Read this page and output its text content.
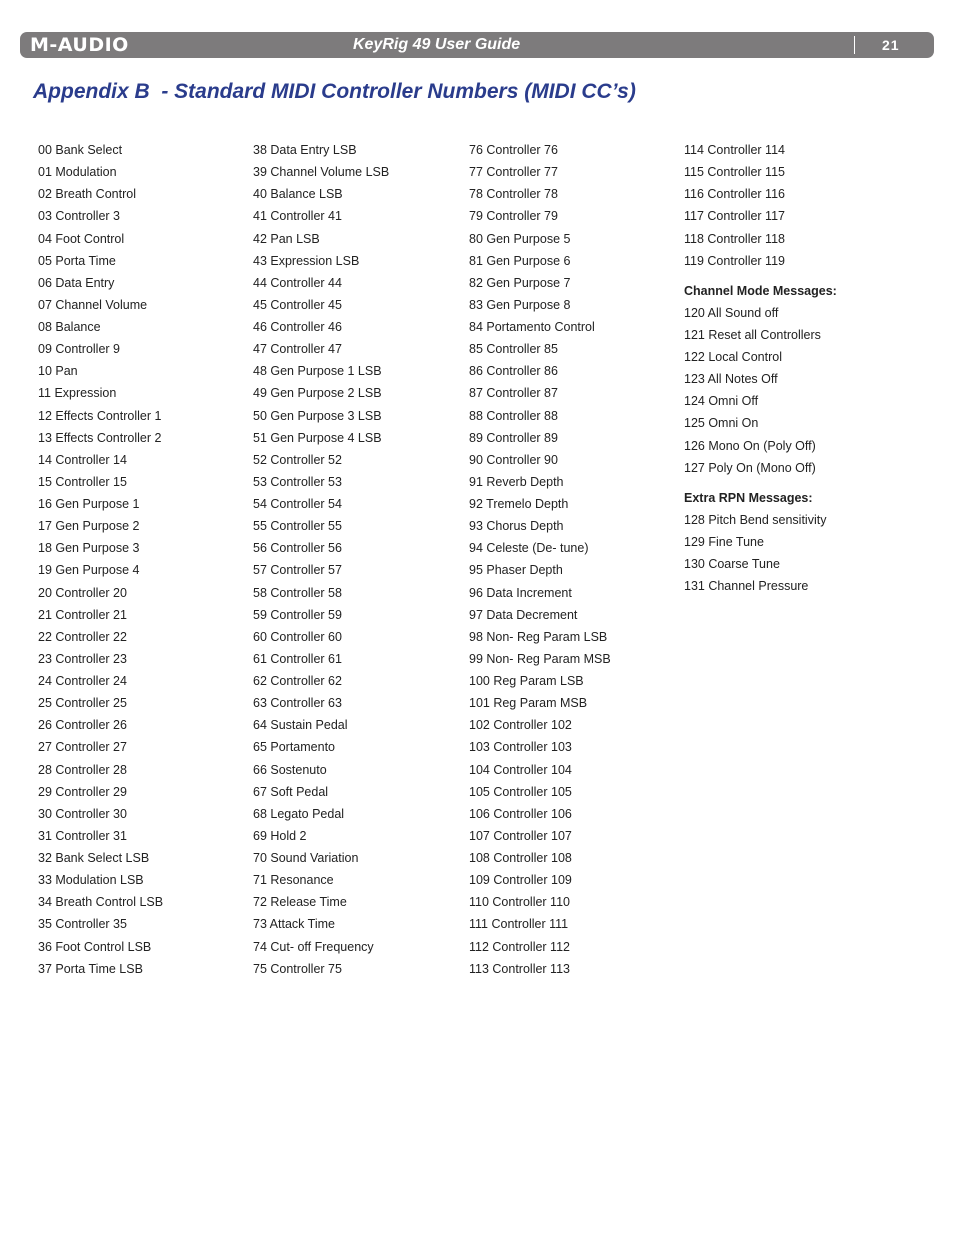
M-AUDIO	KeyRig 49 User Guide	21
Appendix B  - Standard MIDI Controller Numbers (MIDI CC’s)
00 Bank Select
01 Modulation
02 Breath Control
03 Controller 3
04 Foot Control
05 Porta Time
06 Data Entry
07 Channel Volume
08 Balance
09 Controller 9
10 Pan
11 Expression
12 Effects Controller 1
13 Effects Controller 2
14 Controller 14
15 Controller 15
16 Gen Purpose 1
17 Gen Purpose 2
18 Gen Purpose 3
19 Gen Purpose 4
20 Controller 20
21 Controller 21
22 Controller 22
23 Controller 23
24 Controller 24
25 Controller 25
26 Controller 26
27 Controller 27
28 Controller 28
29 Controller 29
30 Controller 30
31 Controller 31
32 Bank Select LSB
33 Modulation LSB
34 Breath Control LSB
35 Controller 35
36 Foot Control LSB
37 Porta Time LSB
38 Data Entry LSB
39 Channel Volume LSB
40 Balance LSB
41 Controller 41
42 Pan LSB
43 Expression LSB
44 Controller 44
45 Controller 45
46 Controller 46
47 Controller 47
48 Gen Purpose 1 LSB
49 Gen Purpose 2 LSB
50 Gen Purpose 3 LSB
51 Gen Purpose 4 LSB
52 Controller 52
53 Controller 53
54 Controller 54
55 Controller 55
56 Controller 56
57 Controller 57
58 Controller 58
59 Controller 59
60 Controller 60
61 Controller 61
62 Controller 62
63 Controller 63
64 Sustain Pedal
65 Portamento
66 Sostenuto
67 Soft Pedal
68 Legato Pedal
69 Hold 2
70 Sound Variation
71 Resonance
72 Release Time
73 Attack Time
74 Cut- off Frequency
75 Controller 75
76 Controller 76
77 Controller 77
78 Controller 78
79 Controller 79
80 Gen Purpose 5
81 Gen Purpose 6
82 Gen Purpose 7
83 Gen Purpose 8
84 Portamento Control
85 Controller 85
86 Controller 86
87 Controller 87
88 Controller 88
89 Controller 89
90 Controller 90
91 Reverb Depth
92 Tremelo Depth
93 Chorus Depth
94 Celeste (De- tune)
95 Phaser Depth
96 Data Increment
97 Data Decrement
98 Non- Reg Param LSB
99 Non- Reg Param MSB
100 Reg Param LSB
101 Reg Param MSB
102 Controller 102
103 Controller 103
104 Controller 104
105 Controller 105
106 Controller 106
107 Controller 107
108 Controller 108
109 Controller 109
110 Controller 110
111 Controller 111
112 Controller 112
113 Controller 113
114 Controller 114
115 Controller 115
116 Controller 116
117 Controller 117
118 Controller 118
119 Controller 119
Channel Mode Messages:
120 All Sound off
121 Reset all Controllers
122 Local Control
123 All Notes Off
124 Omni Off
125 Omni On
126 Mono On (Poly Off)
127 Poly On (Mono Off)
Extra RPN Messages:
128 Pitch Bend sensitivity
129 Fine Tune
130 Coarse Tune
131 Channel Pressure
